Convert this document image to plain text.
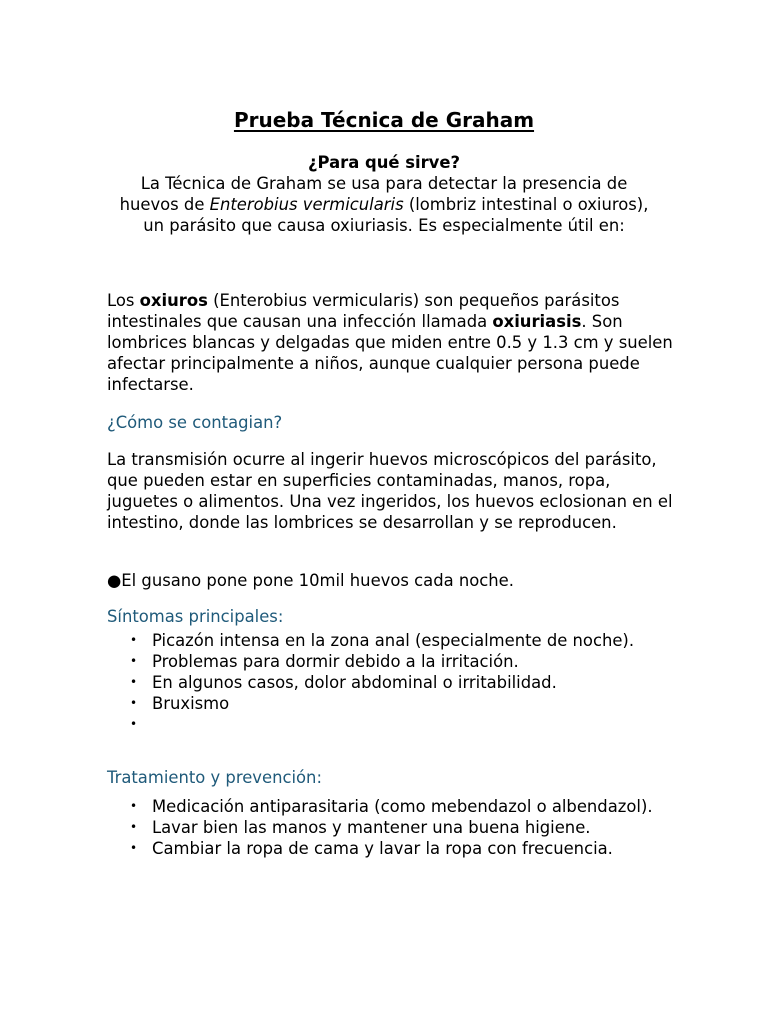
Prueba Técnica de Graham
¿Para qué sirve?
La Técnica de Graham se usa para detectar la presencia de huevos de Enterobius vermicularis (lombriz intestinal o oxiuros), un parásito que causa oxiuriasis. Es especialmente útil en:
Los oxiuros (Enterobius vermicularis) son pequeños parásitos intestinales que causan una infección llamada oxiuriasis. Son lombrices blancas y delgadas que miden entre 0.5 y 1.3 cm y suelen afectar principalmente a niños, aunque cualquier persona puede infectarse.
¿Cómo se contagian?
La transmisión ocurre al ingerir huevos microscópicos del parásito, que pueden estar en superficies contaminadas, manos, ropa, juguetes o alimentos. Una vez ingeridos, los huevos eclosionan en el intestino, donde las lombrices se desarrollan y se reproducen.
●El gusano pone pone 10mil huevos cada noche.
Síntomas principales:
• Picazón intensa en la zona anal (especialmente de noche).
• Problemas para dormir debido a la irritación.
• En algunos casos, dolor abdominal o irritabilidad.
• Bruxismo
•

Tratamiento y prevención:
• Medicación antiparasitaria (como mebendazol o albendazol).
• Lavar bien las manos y mantener una buena higiene.
• Cambiar la ropa de cama y lavar la ropa con frecuencia.
